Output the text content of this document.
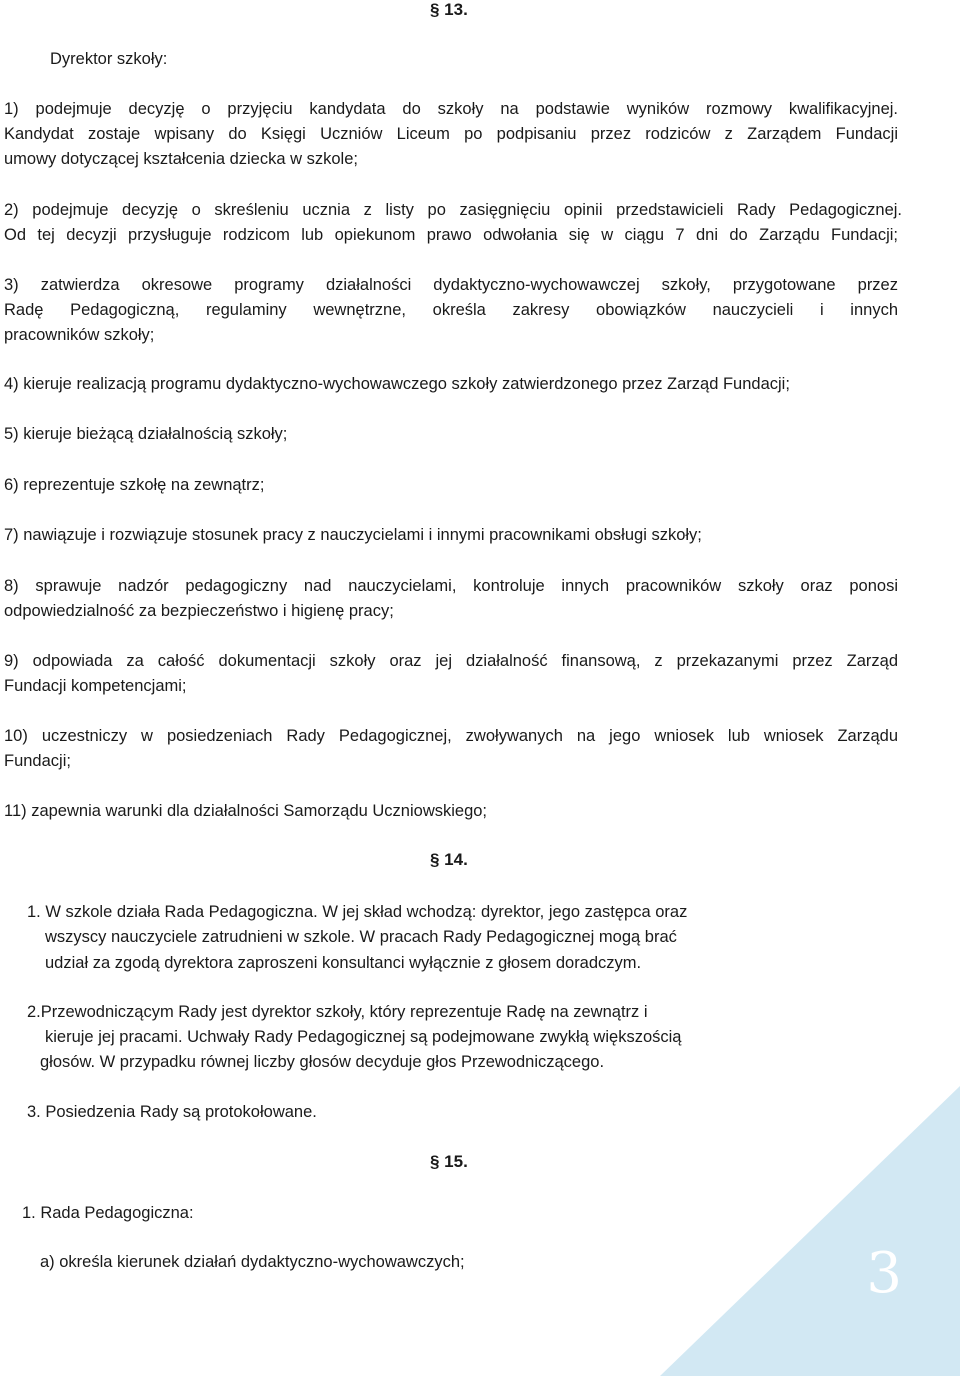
§ 13.
Dyrektor szkoły:
1) podejmuje decyzję o przyjęciu kandydata do szkoły na podstawie wyników rozmowy kwalifikacyjnej.
Kandydat zostaje wpisany do Księgi Uczniów Liceum po podpisaniu przez rodziców z Zarządem Fundacji
umowy dotyczącej kształcenia dziecka w szkole;
2) podejmuje decyzję o skreśleniu ucznia z listy po zasięgnięciu opinii przedstawicieli Rady Pedagogicznej.
Od tej decyzji przysługuje rodzicom lub opiekunom prawo odwołania się w ciągu 7 dni do Zarządu Fundacji;
3) zatwierdza okresowe programy działalności dydaktyczno-wychowawczej szkoły, przygotowane przez
Radę Pedagogiczną, regulaminy wewnętrzne, określa zakresy obowiązków nauczycieli i innych
pracowników szkoły;
4) kieruje realizacją programu dydaktyczno-wychowawczego szkoły zatwierdzonego przez Zarząd Fundacji;
5) kieruje bieżącą działalnością szkoły;
6) reprezentuje szkołę na zewnątrz;
7) nawiązuje i rozwiązuje stosunek pracy z nauczycielami i innymi pracownikami obsługi szkoły;
8) sprawuje nadzór pedagogiczny nad nauczycielami, kontroluje innych pracowników szkoły oraz ponosi
odpowiedzialność za bezpieczeństwo i higienę pracy;
9) odpowiada za całość dokumentacji szkoły oraz jej działalność finansową, z przekazanymi przez Zarząd
Fundacji kompetencjami;
10) uczestniczy w posiedzeniach Rady Pedagogicznej, zwoływanych na jego wniosek lub wniosek Zarządu
Fundacji;
11) zapewnia warunki dla działalności Samorządu Uczniowskiego;
§ 14.
1. W szkole działa Rada Pedagogiczna. W jej skład wchodzą: dyrektor, jego zastępca oraz
wszyscy nauczyciele zatrudnieni w szkole. W pracach Rady Pedagogicznej mogą brać
udział za zgodą dyrektora zaproszeni konsultanci wyłącznie z głosem doradczym.
2.Przewodniczącym Rady jest dyrektor szkoły, który reprezentuje Radę na zewnątrz i
kieruje jej pracami. Uchwały Rady Pedagogicznej są podejmowane zwykłą większością
głosów. W przypadku równej liczby głosów decyduje głos Przewodniczącego.
3. Posiedzenia Rady są protokołowane.
§ 15.
1. Rada Pedagogiczna:
a) określa kierunek działań dydaktyczno-wychowawczych;	3
